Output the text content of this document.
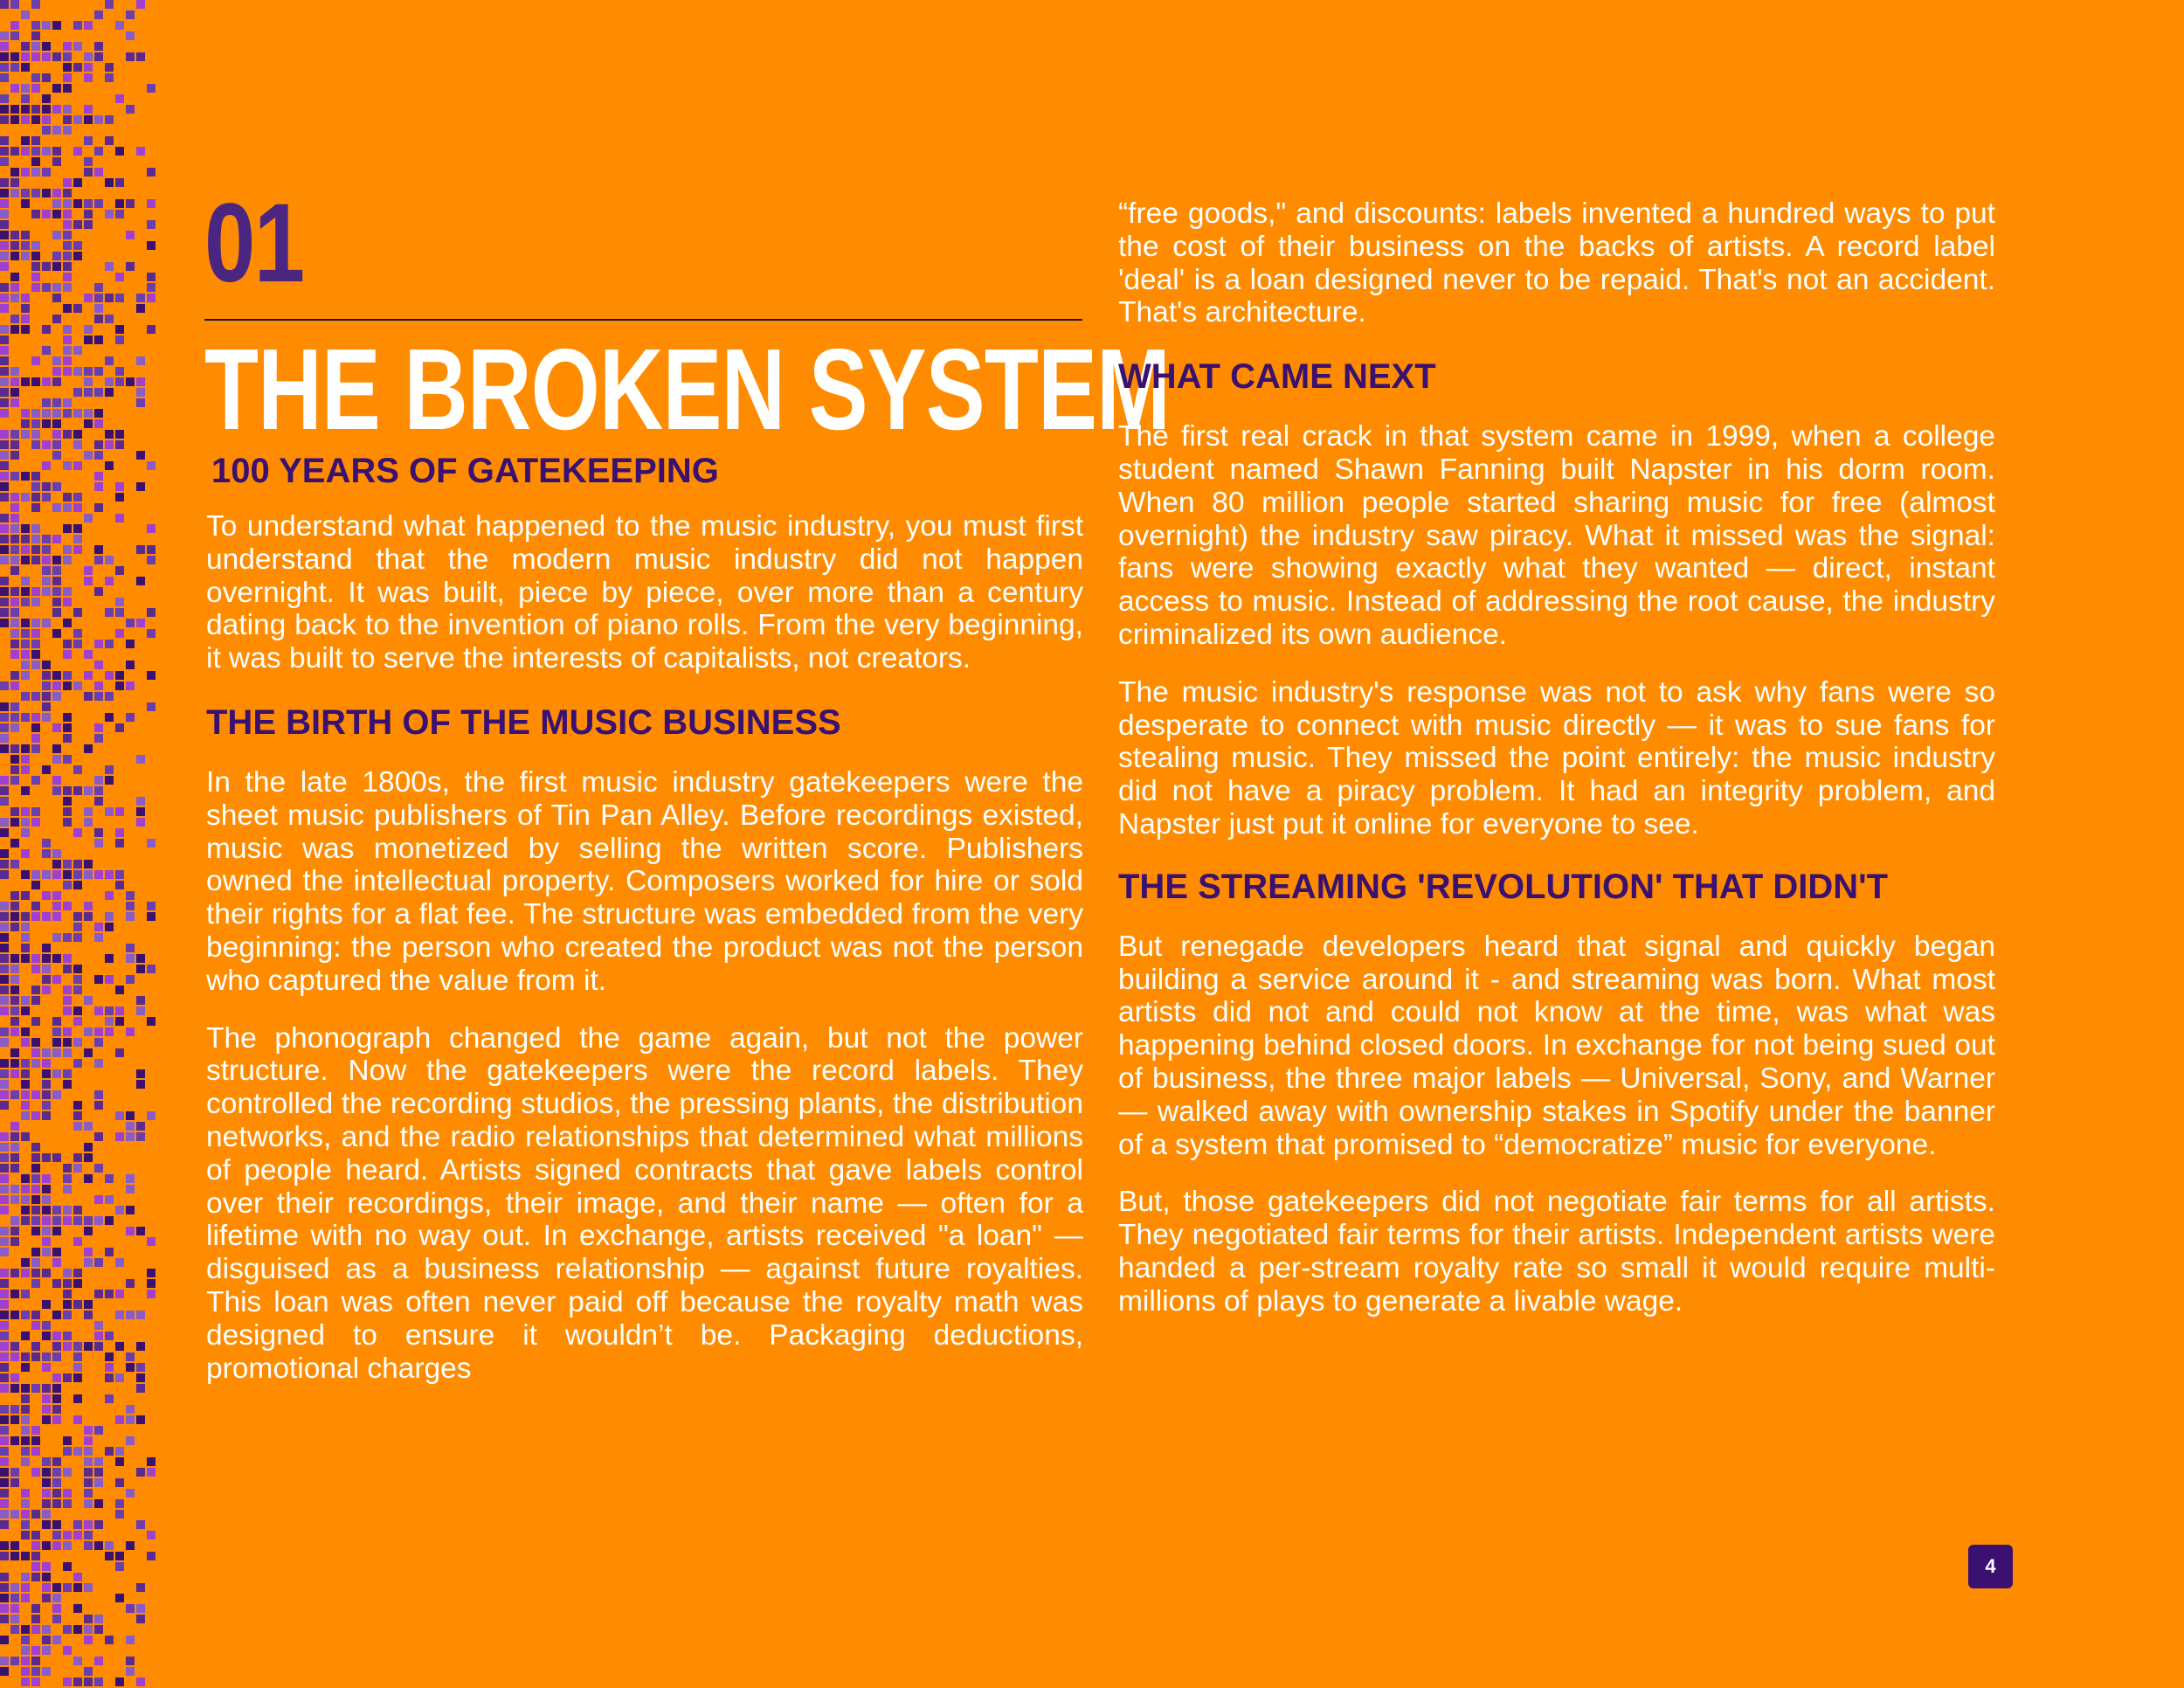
01
THE BROKEN SYSTEM
100 YEARS OF GATEKEEPING

To understand what happened to the music industry, you must first understand that the modern music industry did not happen overnight. It was built, piece by piece, over more than a century dating back to the invention of piano rolls. From the very beginning, it was built to serve the interests of capitalists, not creators.

THE BIRTH OF THE MUSIC BUSINESS

In the late 1800s, the first music industry gatekeepers were the sheet music publishers of Tin Pan Alley. Before recordings existed, music was monetized by selling the written score. Publishers owned the intellectual property. Composers worked for hire or sold their rights for a flat fee. The structure was embedded from the very beginning: the person who created the product was not the person who captured the value from it.

The phonograph changed the game again, but not the power structure. Now the gatekeepers were the record labels. They controlled the recording studios, the pressing plants, the distribution networks, and the radio relationships that determined what millions of people heard. Artists signed contracts that gave labels control over their recordings, their image, and their name — often for a lifetime with no way out. In exchange, artists received "a loan" — disguised as a business relationship — against future royalties. This loan was often never paid off because the royalty math was designed to ensure it wouldn’t be. Packaging deductions, promotional charges

“free goods," and discounts: labels invented a hundred ways to put the cost of their business on the backs of artists. A record label 'deal' is a loan designed never to be repaid. That's not an accident. That's architecture.

WHAT CAME NEXT

The first real crack in that system came in 1999, when a college student named Shawn Fanning built Napster in his dorm room. When 80 million people started sharing music for free (almost overnight) the industry saw piracy. What it missed was the signal: fans were showing exactly what they wanted — direct, instant access to music. Instead of addressing the root cause, the industry criminalized its own audience.

The music industry's response was not to ask why fans were so desperate to connect with music directly — it was to sue fans for stealing music. They missed the point entirely: the music industry did not have a piracy problem. It had an integrity problem, and Napster just put it online for everyone to see.

THE STREAMING 'REVOLUTION' THAT DIDN'T

But renegade developers heard that signal and quickly began building a service around it - and streaming was born. What most artists did not and could not know at the time, was what was happening behind closed doors. In exchange for not being sued out of business, the three major labels — Universal, Sony, and Warner — walked away with ownership stakes in Spotify under the banner of a system that promised to “democratize” music for everyone.

But, those gatekeepers did not negotiate fair terms for all artists. They negotiated fair terms for their artists. Independent artists were handed a per-stream royalty rate so small it would require multi-millions of plays to generate a livable wage.

4
